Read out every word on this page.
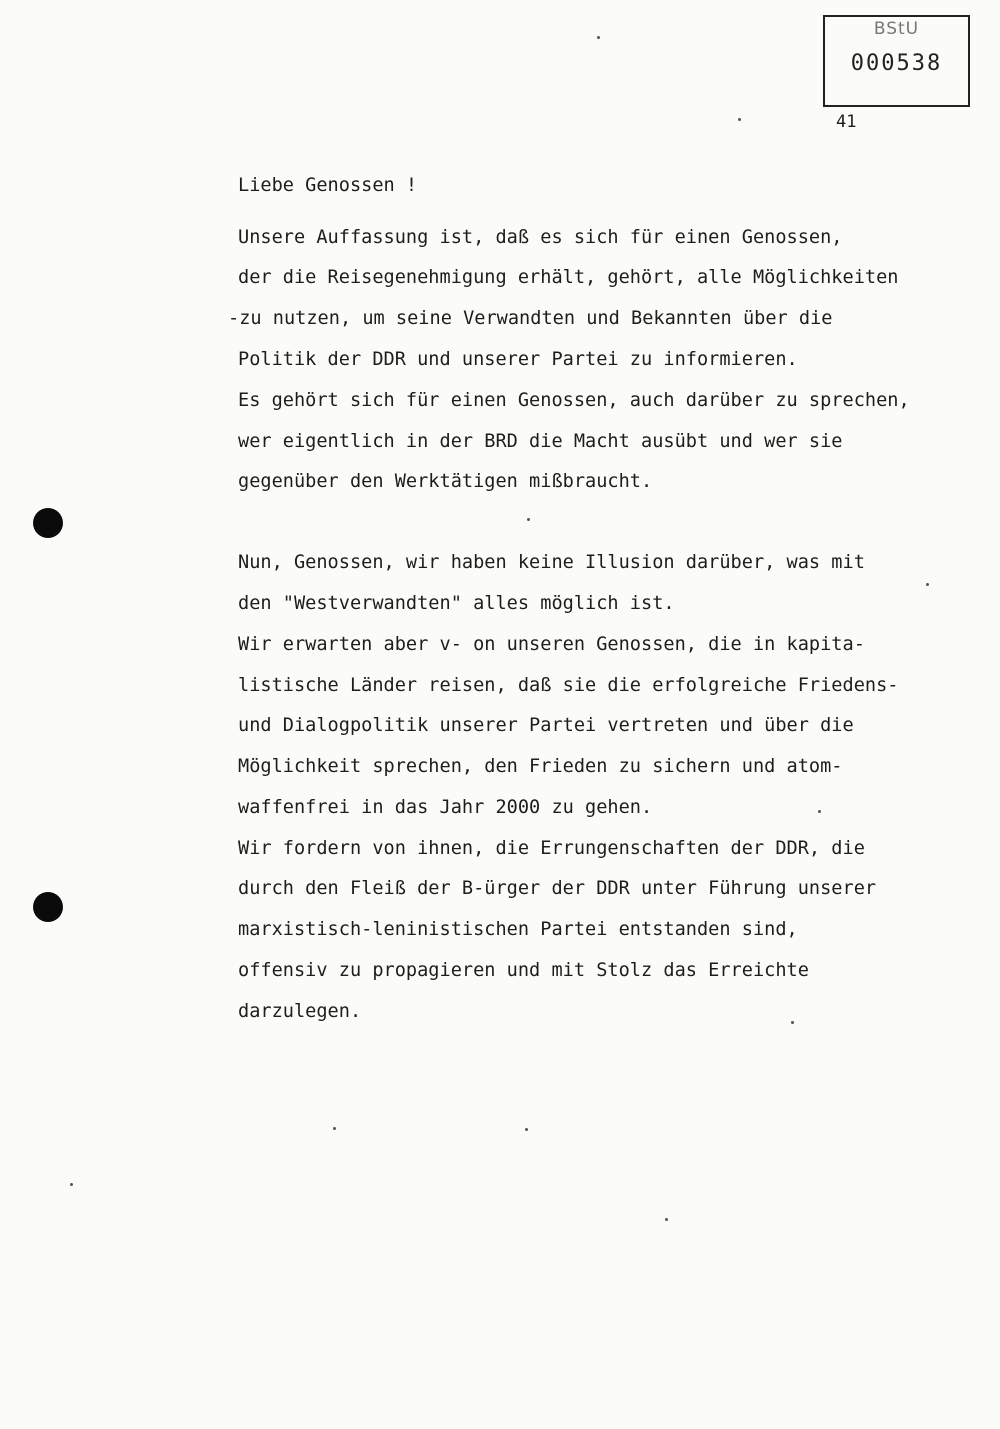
BStU
000538
41
Liebe Genossen !
Unsere Auffassung ist, daß es sich für einen Genossen,
der die Reisegenehmigung erhält, gehört, alle Möglichkeiten
-zu nutzen, um seine Verwandten und Bekannten über die
Politik der DDR und unserer Partei zu informieren.
Es gehört sich für einen Genossen, auch darüber zu sprechen,
wer eigentlich in der BRD die Macht ausübt und wer sie
gegenüber den Werktätigen mißbraucht.
Nun, Genossen, wir haben keine Illusion darüber, was mit
den "Westverwandten" alles möglich ist.
Wir erwarten aber v- on unseren Genossen, die in kapita-
listische Länder reisen, daß sie die erfolgreiche Friedens-
und Dialogpolitik unserer Partei vertreten und über die
Möglichkeit sprechen, den Frieden zu sichern und atom-
waffenfrei in das Jahr 2000 zu gehen.
Wir fordern von ihnen, die Errungenschaften der DDR, die
durch den Fleiß der B-ürger der DDR unter Führung unserer
marxistisch-leninistischen Partei entstanden sind,
offensiv zu propagieren und mit Stolz das Erreichte
darzulegen.
